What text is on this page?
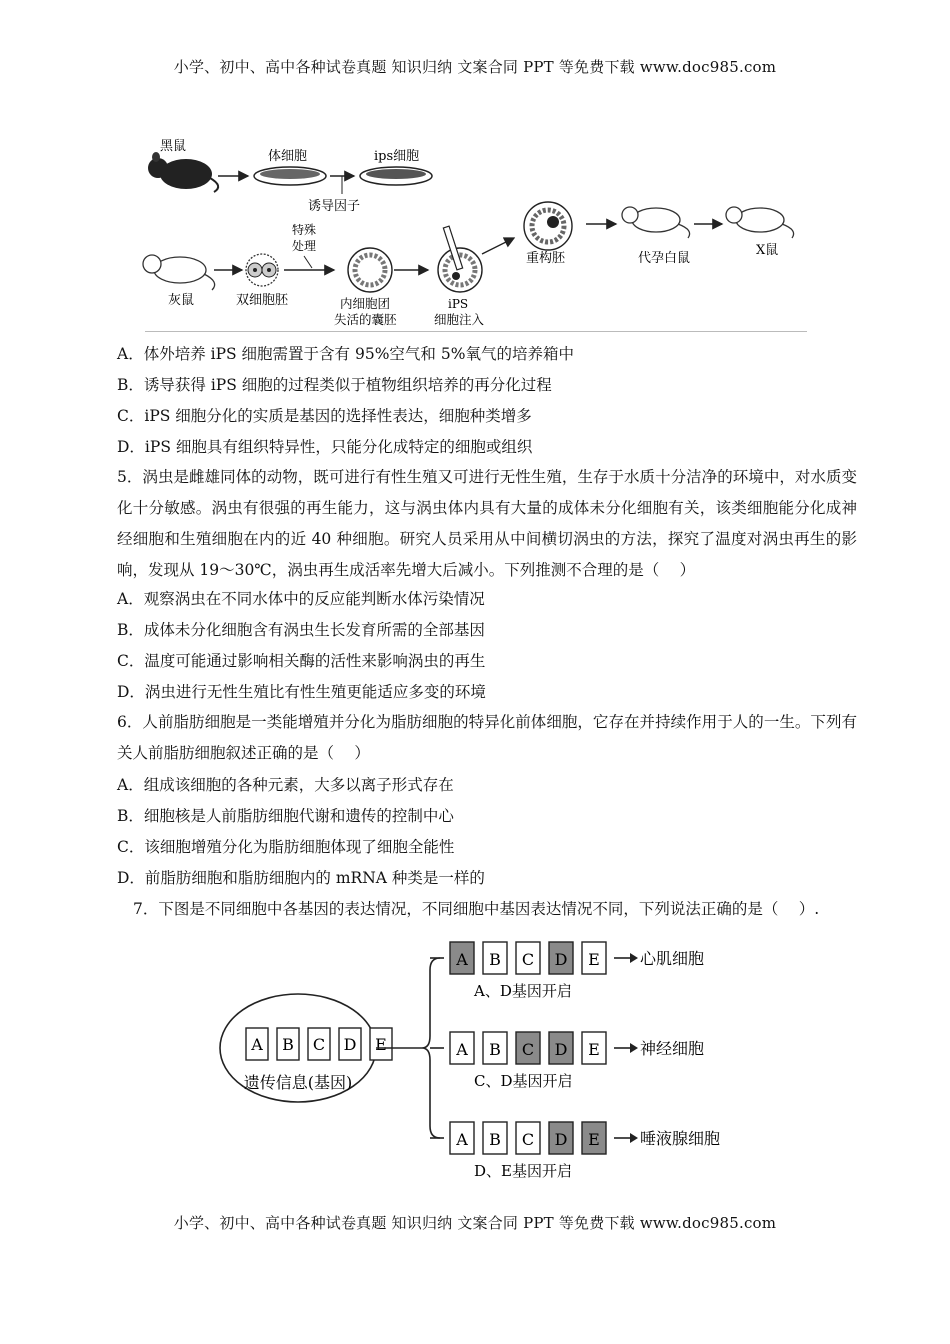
小学、初中、高中各种试卷真题 知识归纳 文案合同 PPT 等免费下载 www.doc985.com
黑鼠
体细胞
诱导因子
ips细胞
灰鼠	双细胞胚
特殊
处理
内细胞团
失活的囊胚
iPS
细胞注入
重构胚	代孕白鼠
X鼠
A．体外培养 iPS 细胞需置于含有 95%空气和 5%氧气的培养箱中
B．诱导获得 iPS 细胞的过程类似于植物组织培养的再分化过程
C．iPS 细胞分化的实质是基因的选择性表达，细胞种类增多
D．iPS 细胞具有组织特异性，只能分化成特定的细胞或组织
5．涡虫是雌雄同体的动物，既可进行有性生殖又可进行无性生殖，生存于水质十分洁净的环境中，对水质变化十分敏感。涡虫有很强的再生能力，这与涡虫体内具有大量的成体未分化细胞有关，该类细胞能分化成神经细胞和生殖细胞在内的近 40 种细胞。研究人员采用从中间横切涡虫的方法，探究了温度对涡虫再生的影响，发现从 19～30℃，涡虫再生成活率先增大后减小。下列推测不合理的是（　 ）
A．观察涡虫在不同水体中的反应能判断水体污染情况
B．成体未分化细胞含有涡虫生长发育所需的全部基因
C．温度可能通过影响相关酶的活性来影响涡虫的再生
D．涡虫进行无性生殖比有性生殖更能适应多变的环境
6．人前脂肪细胞是一类能增殖并分化为脂肪细胞的特异化前体细胞，它存在并持续作用于人的一生。下列有关人前脂肪细胞叙述正确的是（　 ）
A．组成该细胞的各种元素，大多以离子形式存在
B．细胞核是人前脂肪细胞代谢和遗传的控制中心
C．该细胞增殖分化为脂肪细胞体现了细胞全能性
D．前脂肪细胞和脂肪细胞内的 mRNA 种类是一样的
7．下图是不同细胞中各基因的表达情况，不同细胞中基因表达情况不同，下列说法正确的是（　 ）.
A B C D E
遗传信息(基因)
A B C D E	心肌细胞
A、D基因开启
A B C D E	神经细胞
C、D基因开启
A B C D E	唾液腺细胞
D、E基因开启
小学、初中、高中各种试卷真题 知识归纳 文案合同 PPT 等免费下载 www.doc985.com
